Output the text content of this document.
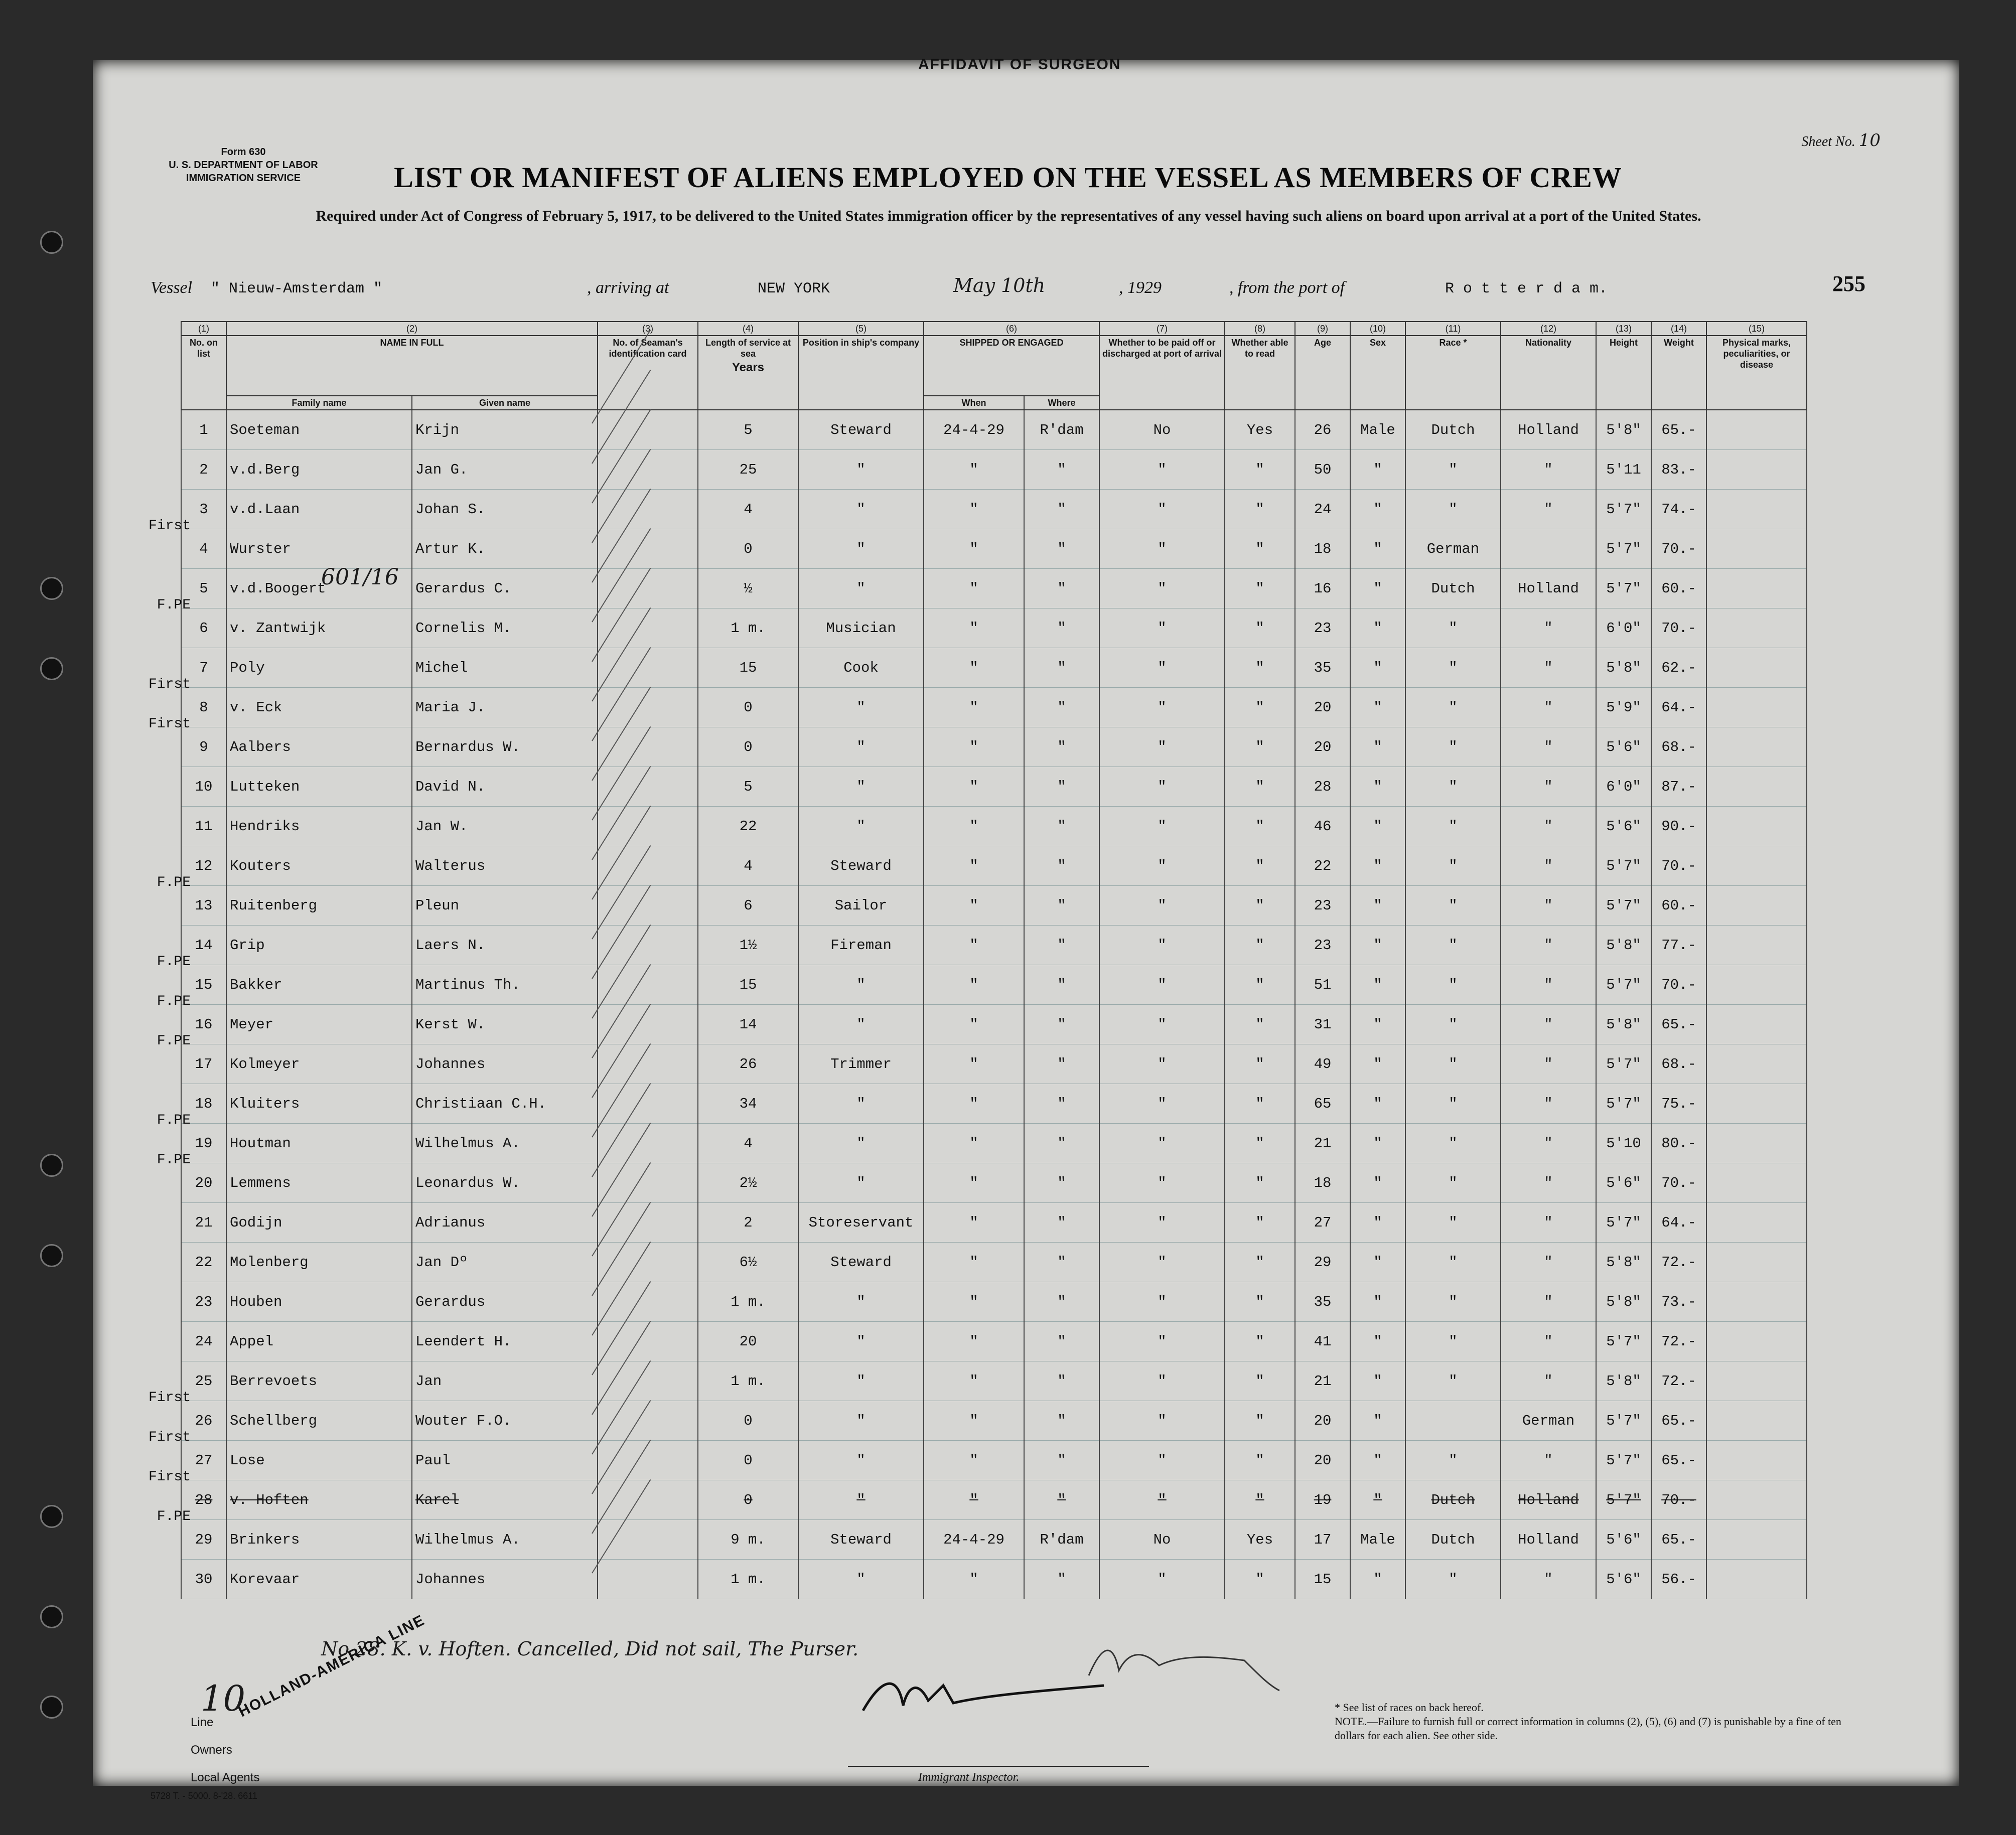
AFFIDAVIT OF SURGEON
Form 630
U. S. DEPARTMENT OF LABOR
IMMIGRATION SERVICE
Sheet No. 10
LIST OR MANIFEST OF ALIENS EMPLOYED ON THE VESSEL AS MEMBERS OF CREW
Required under Act of Congress of February 5, 1917, to be delivered to the United States immigration officer by the representatives of any vessel having such aliens on board upon arrival at a port of the United States.
Vessel " Nieuw-Amsterdam "	, arriving at	NEW YORK	May 10th	, 1929	, from the port of	R o t t e r d a m.	255
(1)	(2)		(3)	(4)	(5)	(6)		(7)	(8)	(9)	(10)	(11)	(12)	(13)	(14)	(15)
No. on list	NAME IN FULL		No. of Seaman's identification card	Length of service at sea
Years	Position in ship's company	SHIPPED OR ENGAGED		Whether to be paid off or discharged at port of arrival	Whether able to read	Age	Sex	Race *	Nationality	Height	Weight	Physical marks, peculiarities, or disease
	Family name	Given name				When	Where									
1	Soeteman	Krijn		5	Steward	24-4-29	R'dam	No	Yes	26	Male	Dutch	Holland	5'8"	65.-	
2	v.d.Berg	Jan G.		25	"	"	"	"	"	50	"	"	"	5'11	83.-	
3	v.d.Laan	Johan S.		4	"	"	"	"	"	24	"	"	"	5'7"	74.-	
4	Wurster	Artur K.		0	"	"	"	"	"	18	"	German		5'7"	70.-	
5	v.d.Boogert	Gerardus C.		½	"	"	"	"	"	16	"	Dutch	Holland	5'7"	60.-	
6	v. Zantwijk	Cornelis M.		1 m.	Musician	"	"	"	"	23	"	"	"	6'0"	70.-	
7	Poly	Michel		15	Cook	"	"	"	"	35	"	"	"	5'8"	62.-	
8	v. Eck	Maria J.		0	"	"	"	"	"	20	"	"	"	5'9"	64.-	
9	Aalbers	Bernardus W.		0	"	"	"	"	"	20	"	"	"	5'6"	68.-	
10	Lutteken	David N.		5	"	"	"	"	"	28	"	"	"	6'0"	87.-	
11	Hendriks	Jan W.		22	"	"	"	"	"	46	"	"	"	5'6"	90.-	
12	Kouters	Walterus		4	Steward	"	"	"	"	22	"	"	"	5'7"	70.-	
13	Ruitenberg	Pleun		6	Sailor	"	"	"	"	23	"	"	"	5'7"	60.-	
14	Grip	Laers N.		1½	Fireman	"	"	"	"	23	"	"	"	5'8"	77.-	
15	Bakker	Martinus Th.		15	"	"	"	"	"	51	"	"	"	5'7"	70.-	
16	Meyer	Kerst W.		14	"	"	"	"	"	31	"	"	"	5'8"	65.-	
17	Kolmeyer	Johannes		26	Trimmer	"	"	"	"	49	"	"	"	5'7"	68.-	
18	Kluiters	Christiaan C.H.		34	"	"	"	"	"	65	"	"	"	5'7"	75.-	
19	Houtman	Wilhelmus A.		4	"	"	"	"	"	21	"	"	"	5'10	80.-	
20	Lemmens	Leonardus W.		2½	"	"	"	"	"	18	"	"	"	5'6"	70.-	
21	Godijn	Adrianus		2	Storeservant	"	"	"	"	27	"	"	"	5'7"	64.-	
22	Molenberg	Jan Dº		6½	Steward	"	"	"	"	29	"	"	"	5'8"	72.-	
23	Houben	Gerardus		1 m.	"	"	"	"	"	35	"	"	"	5'8"	73.-	
24	Appel	Leendert H.		20	"	"	"	"	"	41	"	"	"	5'7"	72.-	
25	Berrevoets	Jan		1 m.	"	"	"	"	"	21	"	"	"	5'8"	72.-	
26	Schellberg	Wouter F.O.		0	"	"	"	"	"	20	"		German	5'7"	65.-	
27	Lose	Paul		0	"	"	"	"	"	20	"	"	"	5'7"	65.-	
28	v. Hoften	Karel		0	"	"	"	"	"	19	"	Dutch	Holland	5'7"	70.-	
29	Brinkers	Wilhelmus A.		9 m.	Steward	24-4-29	R'dam	No	Yes	17	Male	Dutch	Holland	5'6"	65.-	
30	Korevaar	Johannes		1 m.	"	"	"	"	"	15	"	"	"	5'6"	56.-	
First
F.PE
First
First
F.PE
F.PE
F.PE
F.PE
F.PE
F.PE
First
First
First
F.PE
601/16
No 28. K. v. Hoften. Cancelled, Did not sail, The Purser.
Line
Owners
Local Agents
HOLLAND-AMERICA LINE
10
Immigrant Inspector.
* See list of races on back hereof.
NOTE.—Failure to furnish full or correct information in columns (2), (5), (6) and (7) is punishable by a fine of ten dollars for each alien. See other side.
5728 T. - 5000. 8-'28. 6611
